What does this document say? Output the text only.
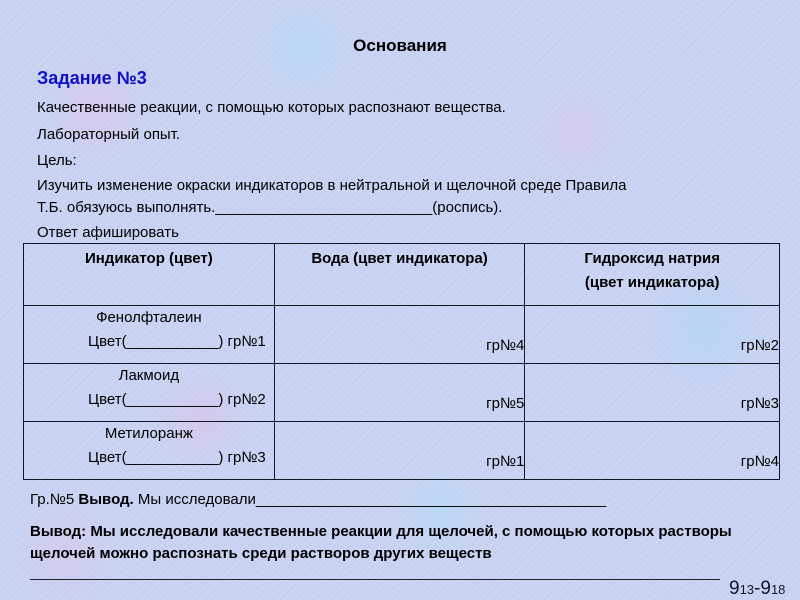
Основания
Задание №3
Качественные реакции, с помощью которых распознают вещества.
Лабораторный опыт.
Цель:
Изучить изменение окраски индикаторов в нейтральной и щелочной среде Правила
Т.Б. обязуюсь выполнять.__________________________(роспись).
Ответ афишировать
Индикатор (цвет)	Вода (цвет индикатора)	Гидроксид натрия
(цвет индикатора)

Фенолфталеин
Цвет(___________) гр№1	гр№4	гр№2

Лакмоид
Цвет(___________) гр№2	гр№5	гр№3

Метилоранж
Цвет(___________) гр№3	гр№1	гр№4
Гр.№5 Вывод. Мы исследовали__________________________________________
Вывод: Мы исследовали качественные реакции для щелочей, с помощью которых растворы щелочей можно распознать среди растворов других веществ
913-918
